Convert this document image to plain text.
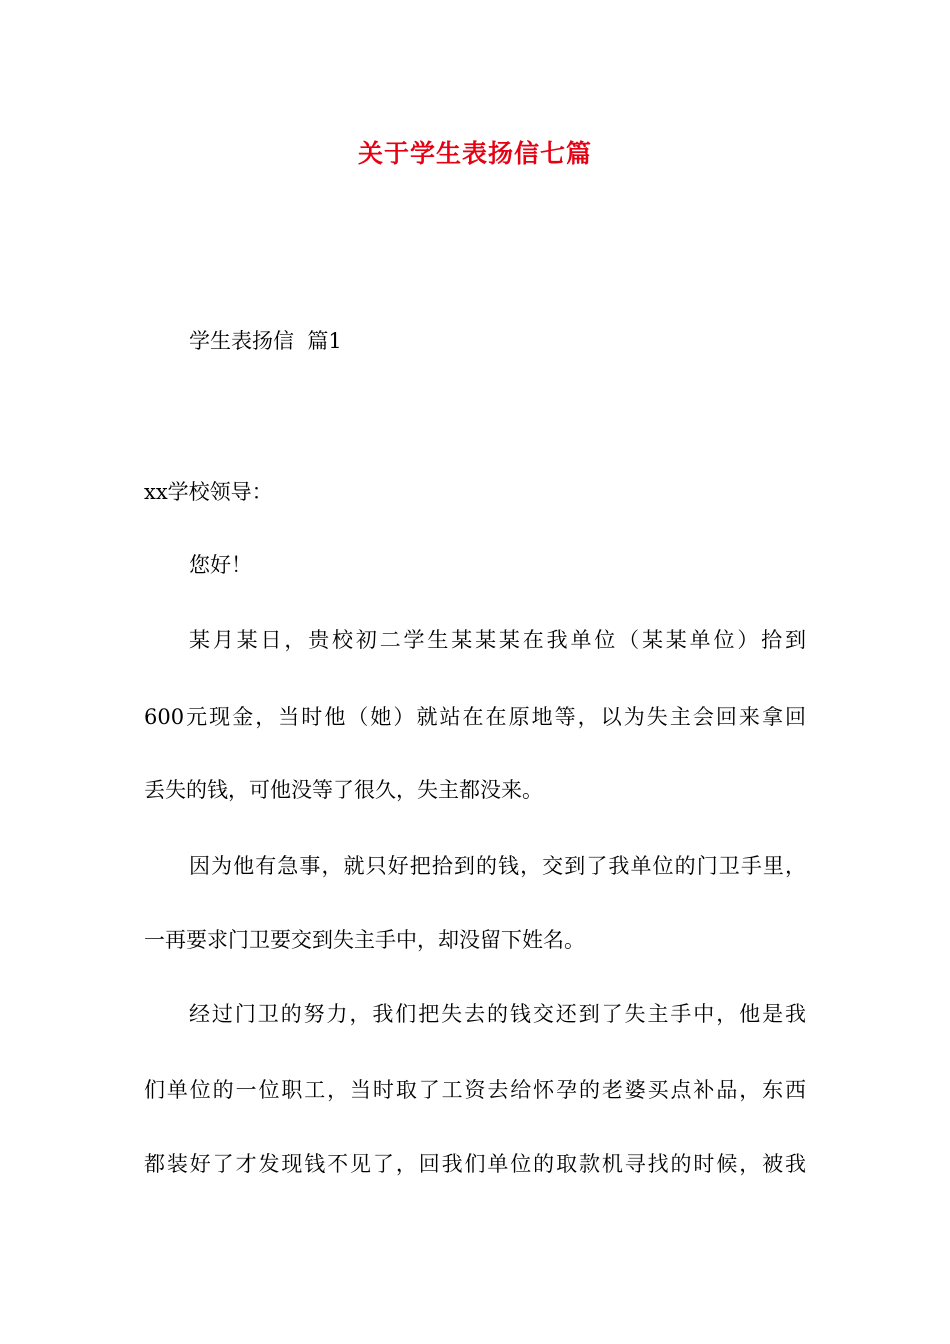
关于学生表扬信七篇
学生表扬信  篇1
xx学校领导：
您好！
某月某日，贵校初二学生某某某在我单位（某某单位）拾到
600元现金，当时他（她）就站在在原地等，以为失主会回来拿回
丢失的钱，可他没等了很久，失主都没来。
因为他有急事，就只好把拾到的钱，交到了我单位的门卫手里，
一再要求门卫要交到失主手中，却没留下姓名。
经过门卫的努力，我们把失去的钱交还到了失主手中，他是我
们单位的一位职工，当时取了工资去给怀孕的老婆买点补品，东西
都装好了才发现钱不见了，回我们单位的取款机寻找的时候，被我
